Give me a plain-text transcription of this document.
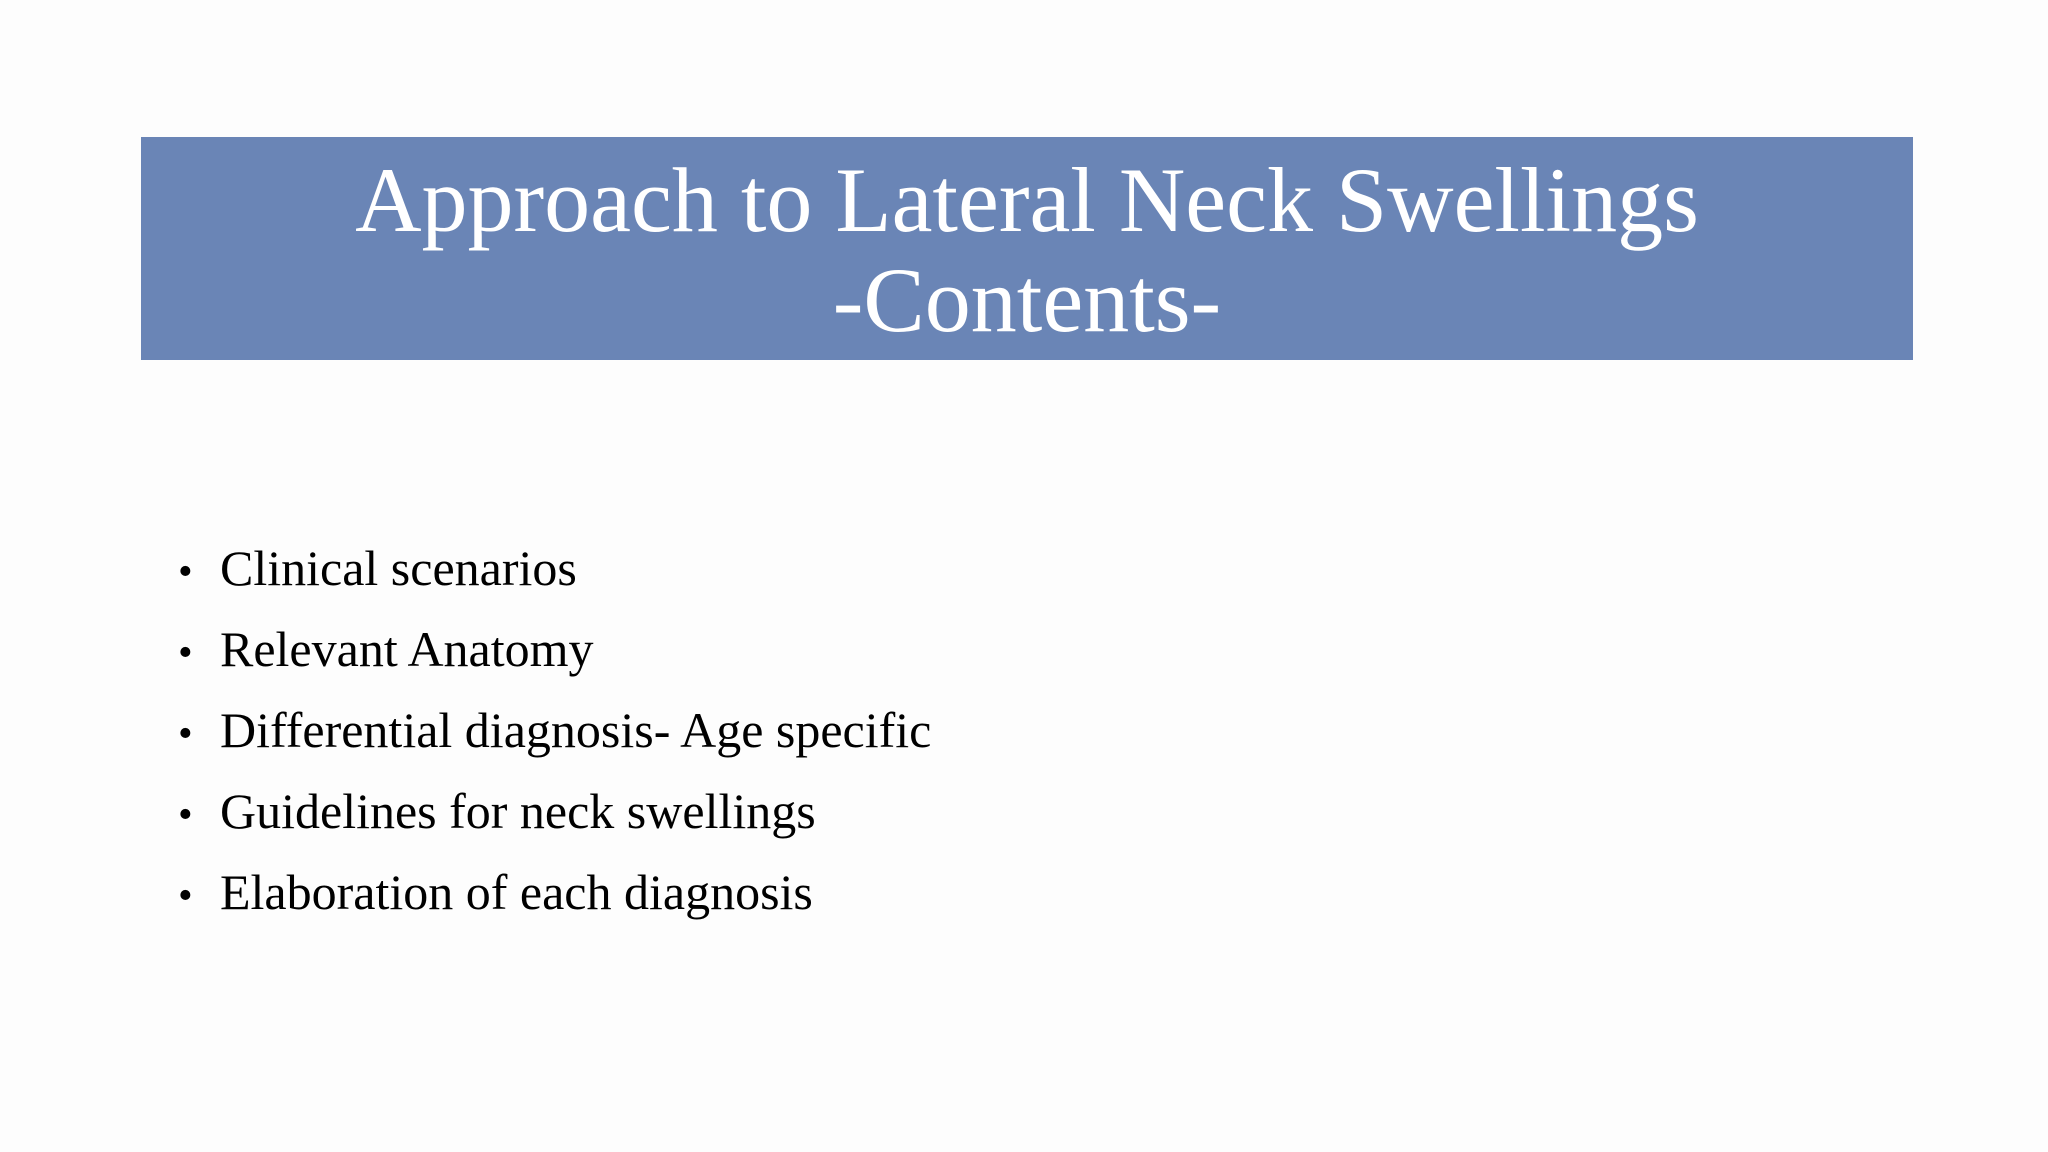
Approach to Lateral Neck Swellings
-Contents-
• Clinical scenarios
• Relevant Anatomy
• Differential diagnosis- Age specific
• Guidelines for neck swellings
• Elaboration of each diagnosis
